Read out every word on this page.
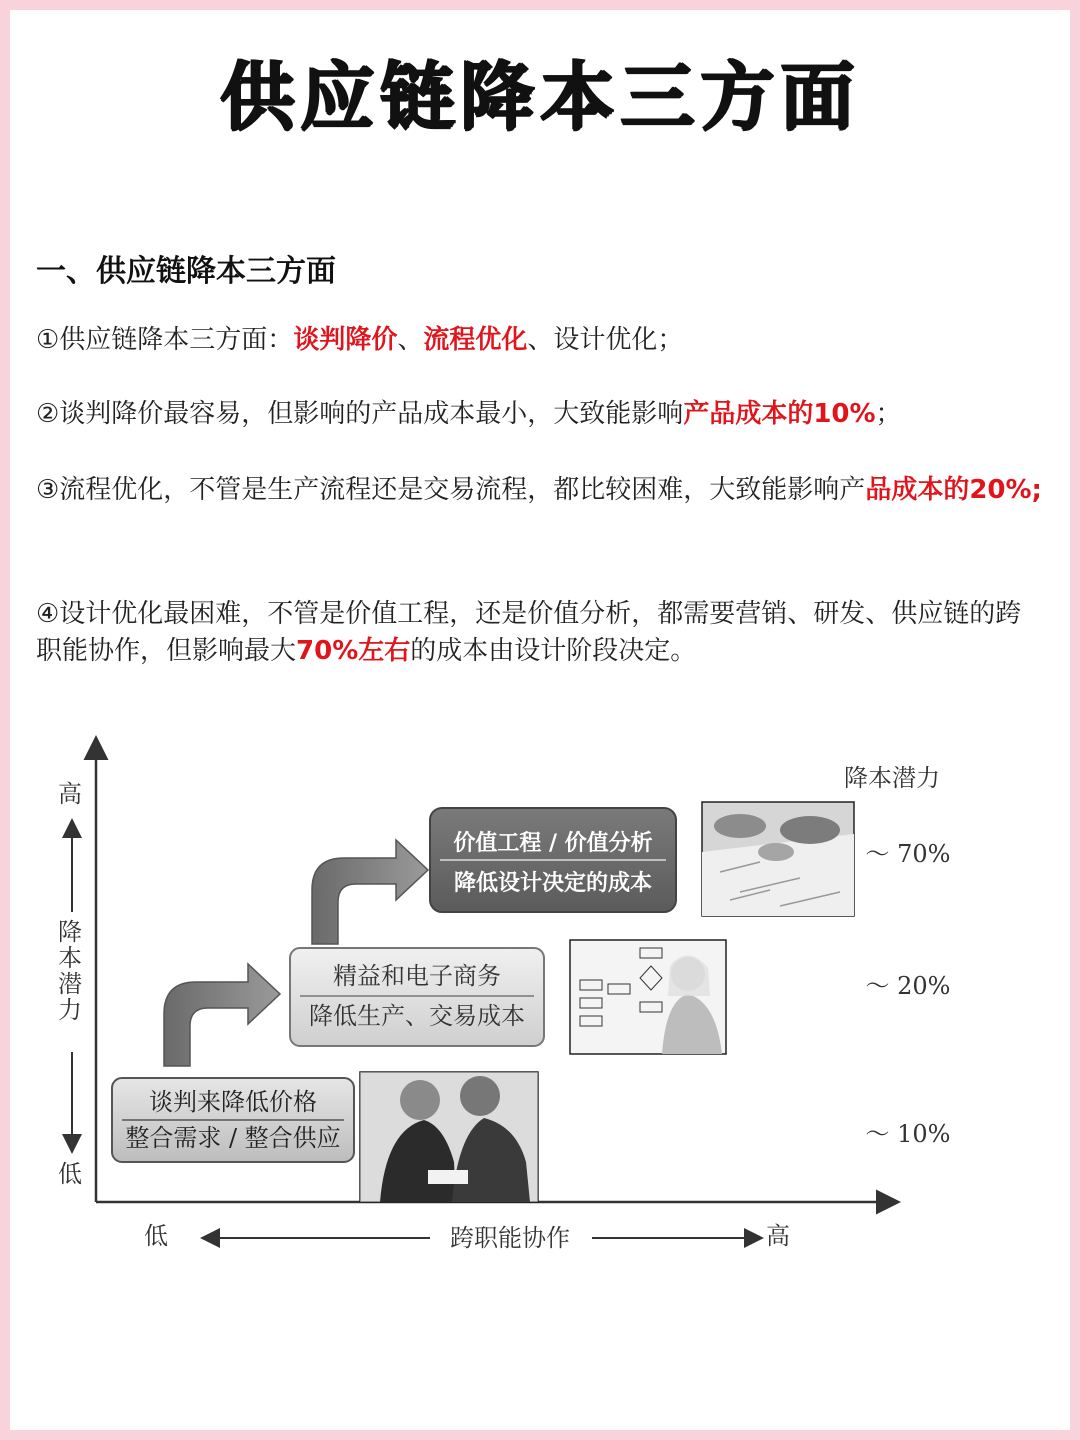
供应链降本三方面
一、供应链降本三方面
①供应链降本三方面：谈判降价、流程优化、设计优化；
②谈判降价最容易，但影响的产品成本最小，大致能影响产品成本的10%；
③流程优化，不管是生产流程还是交易流程，都比较困难，大致能影响产品成本的20%;
④设计优化最困难，不管是价值工程，还是价值分析，都需要营销、研发、供应链的跨职能协作，但影响最大70%左右的成本由设计阶段决定。
高
降本潜力
低
低	跨职能协作	高
降本潜力
谈判来降低价格
整合需求 / 整合供应
精益和电子商务
降低生产、交易成本
价值工程 / 价值分析
降低设计决定的成本
～ 70%
～ 20%
～ 10%
